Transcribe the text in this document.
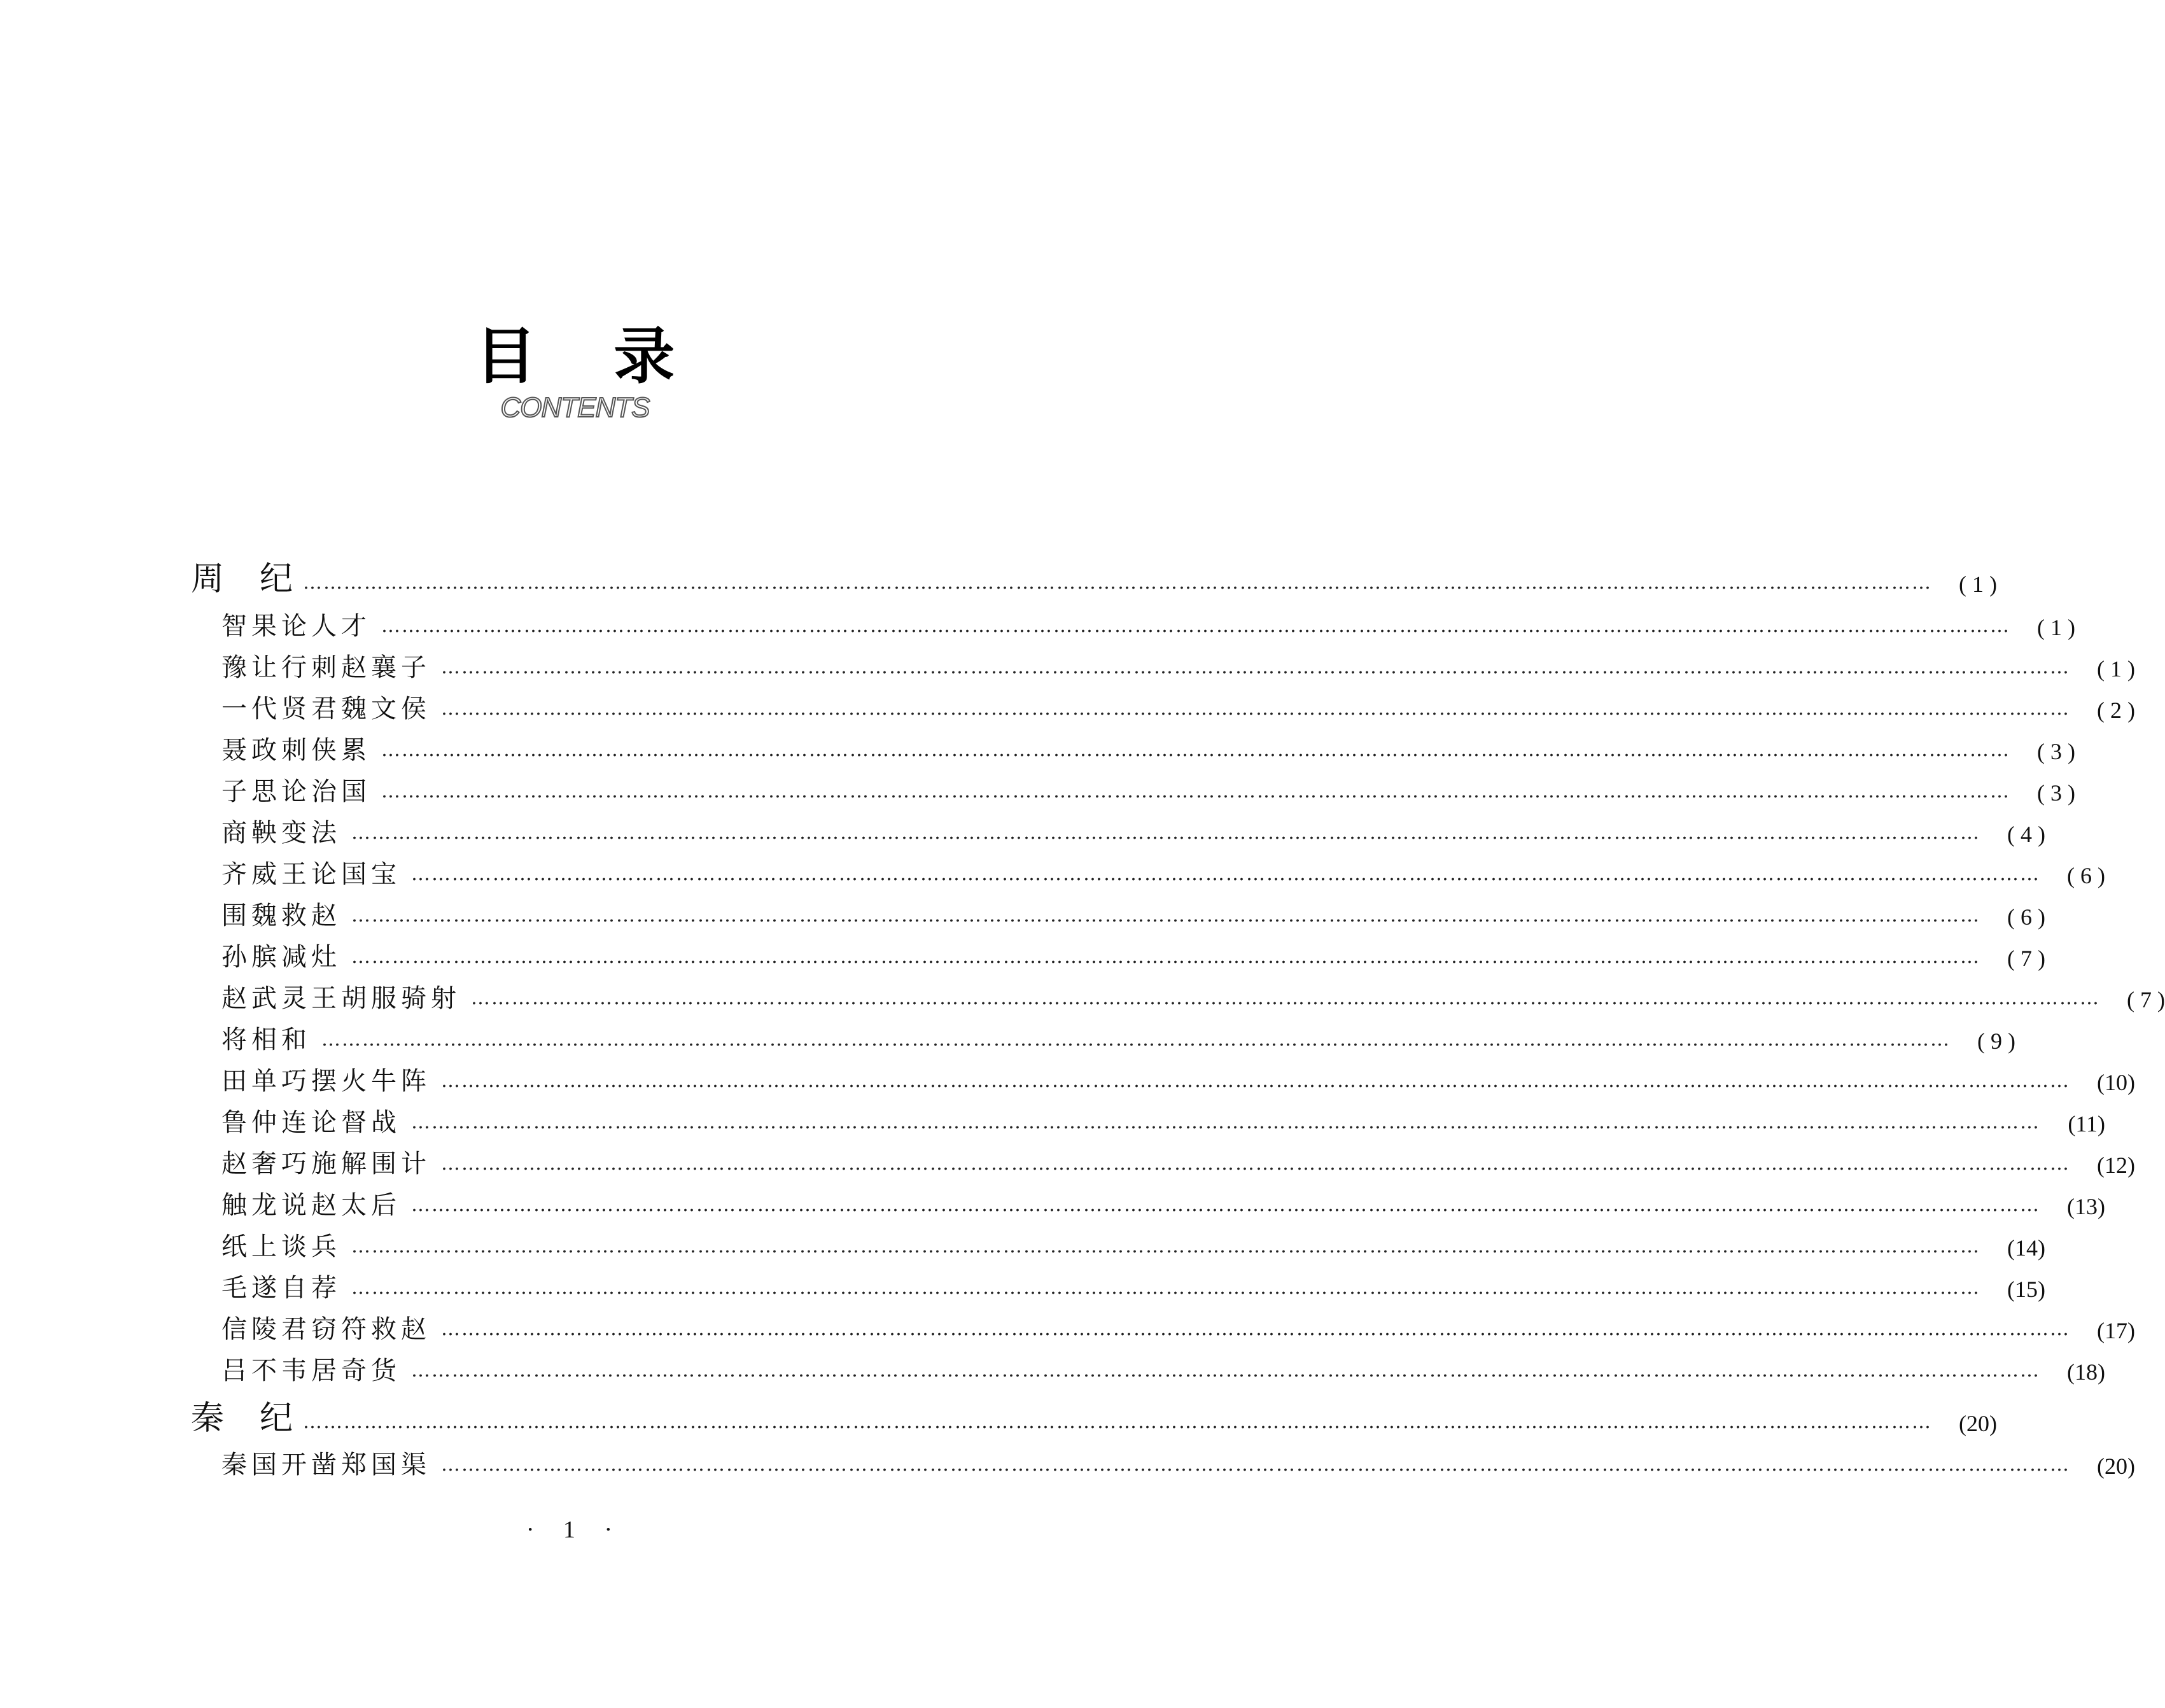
目 录
CONTENTS
周 纪 ……………………………………………………………………………………………………………………………………………………………………………………………………………………	( 1 )
智果论人才 ……………………………………………………………………………………………………………………………………………………………………………………………………………………	( 1 )
豫让行刺赵襄子 ……………………………………………………………………………………………………………………………………………………………………………………………………………………	( 1 )
一代贤君魏文侯 ……………………………………………………………………………………………………………………………………………………………………………………………………………………	( 2 )
聂政刺侠累 ……………………………………………………………………………………………………………………………………………………………………………………………………………………	( 3 )
子思论治国 ……………………………………………………………………………………………………………………………………………………………………………………………………………………	( 3 )
商鞅变法 ……………………………………………………………………………………………………………………………………………………………………………………………………………………	( 4 )
齐威王论国宝 ……………………………………………………………………………………………………………………………………………………………………………………………………………………	( 6 )
围魏救赵 ……………………………………………………………………………………………………………………………………………………………………………………………………………………	( 6 )
孙膑减灶 ……………………………………………………………………………………………………………………………………………………………………………………………………………………	( 7 )
赵武灵王胡服骑射 ……………………………………………………………………………………………………………………………………………………………………………………………………………………	( 7 )
将相和 ……………………………………………………………………………………………………………………………………………………………………………………………………………………	( 9 )
田单巧摆火牛阵 ……………………………………………………………………………………………………………………………………………………………………………………………………………………	(10)
鲁仲连论督战 ……………………………………………………………………………………………………………………………………………………………………………………………………………………	(11)
赵奢巧施解围计 ……………………………………………………………………………………………………………………………………………………………………………………………………………………	(12)
触龙说赵太后 ……………………………………………………………………………………………………………………………………………………………………………………………………………………	(13)
纸上谈兵 ……………………………………………………………………………………………………………………………………………………………………………………………………………………	(14)
毛遂自荐 ……………………………………………………………………………………………………………………………………………………………………………………………………………………	(15)
信陵君窃符救赵 ……………………………………………………………………………………………………………………………………………………………………………………………………………………	(17)
吕不韦居奇货 ……………………………………………………………………………………………………………………………………………………………………………………………………………………	(18)
秦 纪 ……………………………………………………………………………………………………………………………………………………………………………………………………………………	(20)
秦国开凿郑国渠 ……………………………………………………………………………………………………………………………………………………………………………………………………………………	(20)
· 1 ·
